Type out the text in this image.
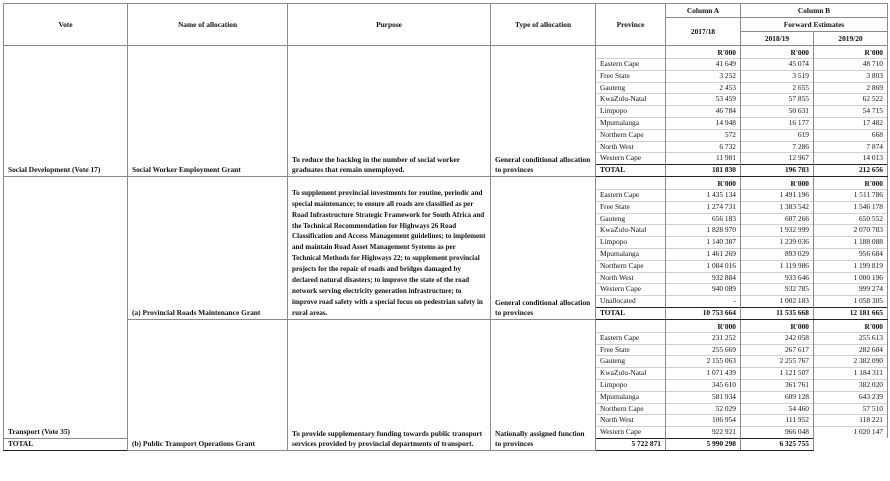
Vote	Name of allocation	Purpose	Type of allocation	Province	Column A	Column B	
					2017/18	Forward Estimates	
						2018/19	2019/20
Social Development (Vote 17)	Social Worker Employment Grant	To reduce the backlog in the number of social worker graduates that remain unemployed.	General conditional allocation to provinces		R'000	R'000	R'000
				Eastern Cape	41 649	45 074	48 710
				Free State	3 252	3 519	3 803
				Gauteng	2 453	2 655	2 869
				KwaZulu-Natal	53 459	57 855	62 522
				Limpopo	46 784	50 631	54 715
				Mpumalanga	14 948	16 177	17 482
				Northern Cape	572	619	668
				North West	6 732	7 286	7 874
				Western Cape	11 981	12 967	14 013
				TOTAL	181 830	196 783	212 656
Transport (Vote 35)	(a) Provincial Roads Maintenance Grant	To supplement provincial investments for routine, periodic and special maintenance; to ensure all roads are classified as per Road Infrastructure Strategic Framework for South Africa and the Technical Recommendation for Highways 26 Road Classification and Access Management guidelines; to implement and maintain Road Asset Management Systems as per Technical Methods for Highways 22; to supplement provincial projects for the repair of roads and bridges damaged by declared natural disasters; to improve the state of the road network serving electricity generation infrastructure; to improve road safety with a special focus on pedestrian safety in rural areas.	General conditional allocation to provinces		R'000	R'000	R'000
				Eastern Cape	1 435 134	1 491 196	1 511 786
				Free State	1 274 731	1 383 542	1 546 178
				Gauteng	656 183	607 266	650 552
				KwaZulu-Natal	1 828 970	1 932 999	2 070 783
				Limpopo	1 140 387	1 239 036	1 188 088
				Mpumalanga	1 461 269	893 029	956 684
				Northern Cape	1 084 016	1 119 986	1 199 819
				North West	932 884	933 646	1 000 196
				Western Cape	940 089	932 785	999 274
				Unallocated	-	1 002 183	1 058 305
				TOTAL	10 753 664	11 535 668	12 181 665
	(b) Public Transport Operations Grant	To provide supplementary funding towards public transport services provided by provincial departments of transport.	Nationally assigned function to provinces		R'000	R'000	R'000
				Eastern Cape	231 252	242 058	255 613
				Free State	255 669	267 617	282 604
				Gauteng	2 155 063	2 255 767	2 382 090
				KwaZulu-Natal	1 071 439	1 121 507	1 184 311
				Limpopo	345 610	361 761	382 020
				Mpumalanga	581 934	609 128	643 239
				Northern Cape	52 029	54 460	57 510
				North West	106 954	111 952	118 221
				Western Cape	922 921	966 048	1 020 147
TOTAL				5 722 871	5 990 298	6 325 755	
